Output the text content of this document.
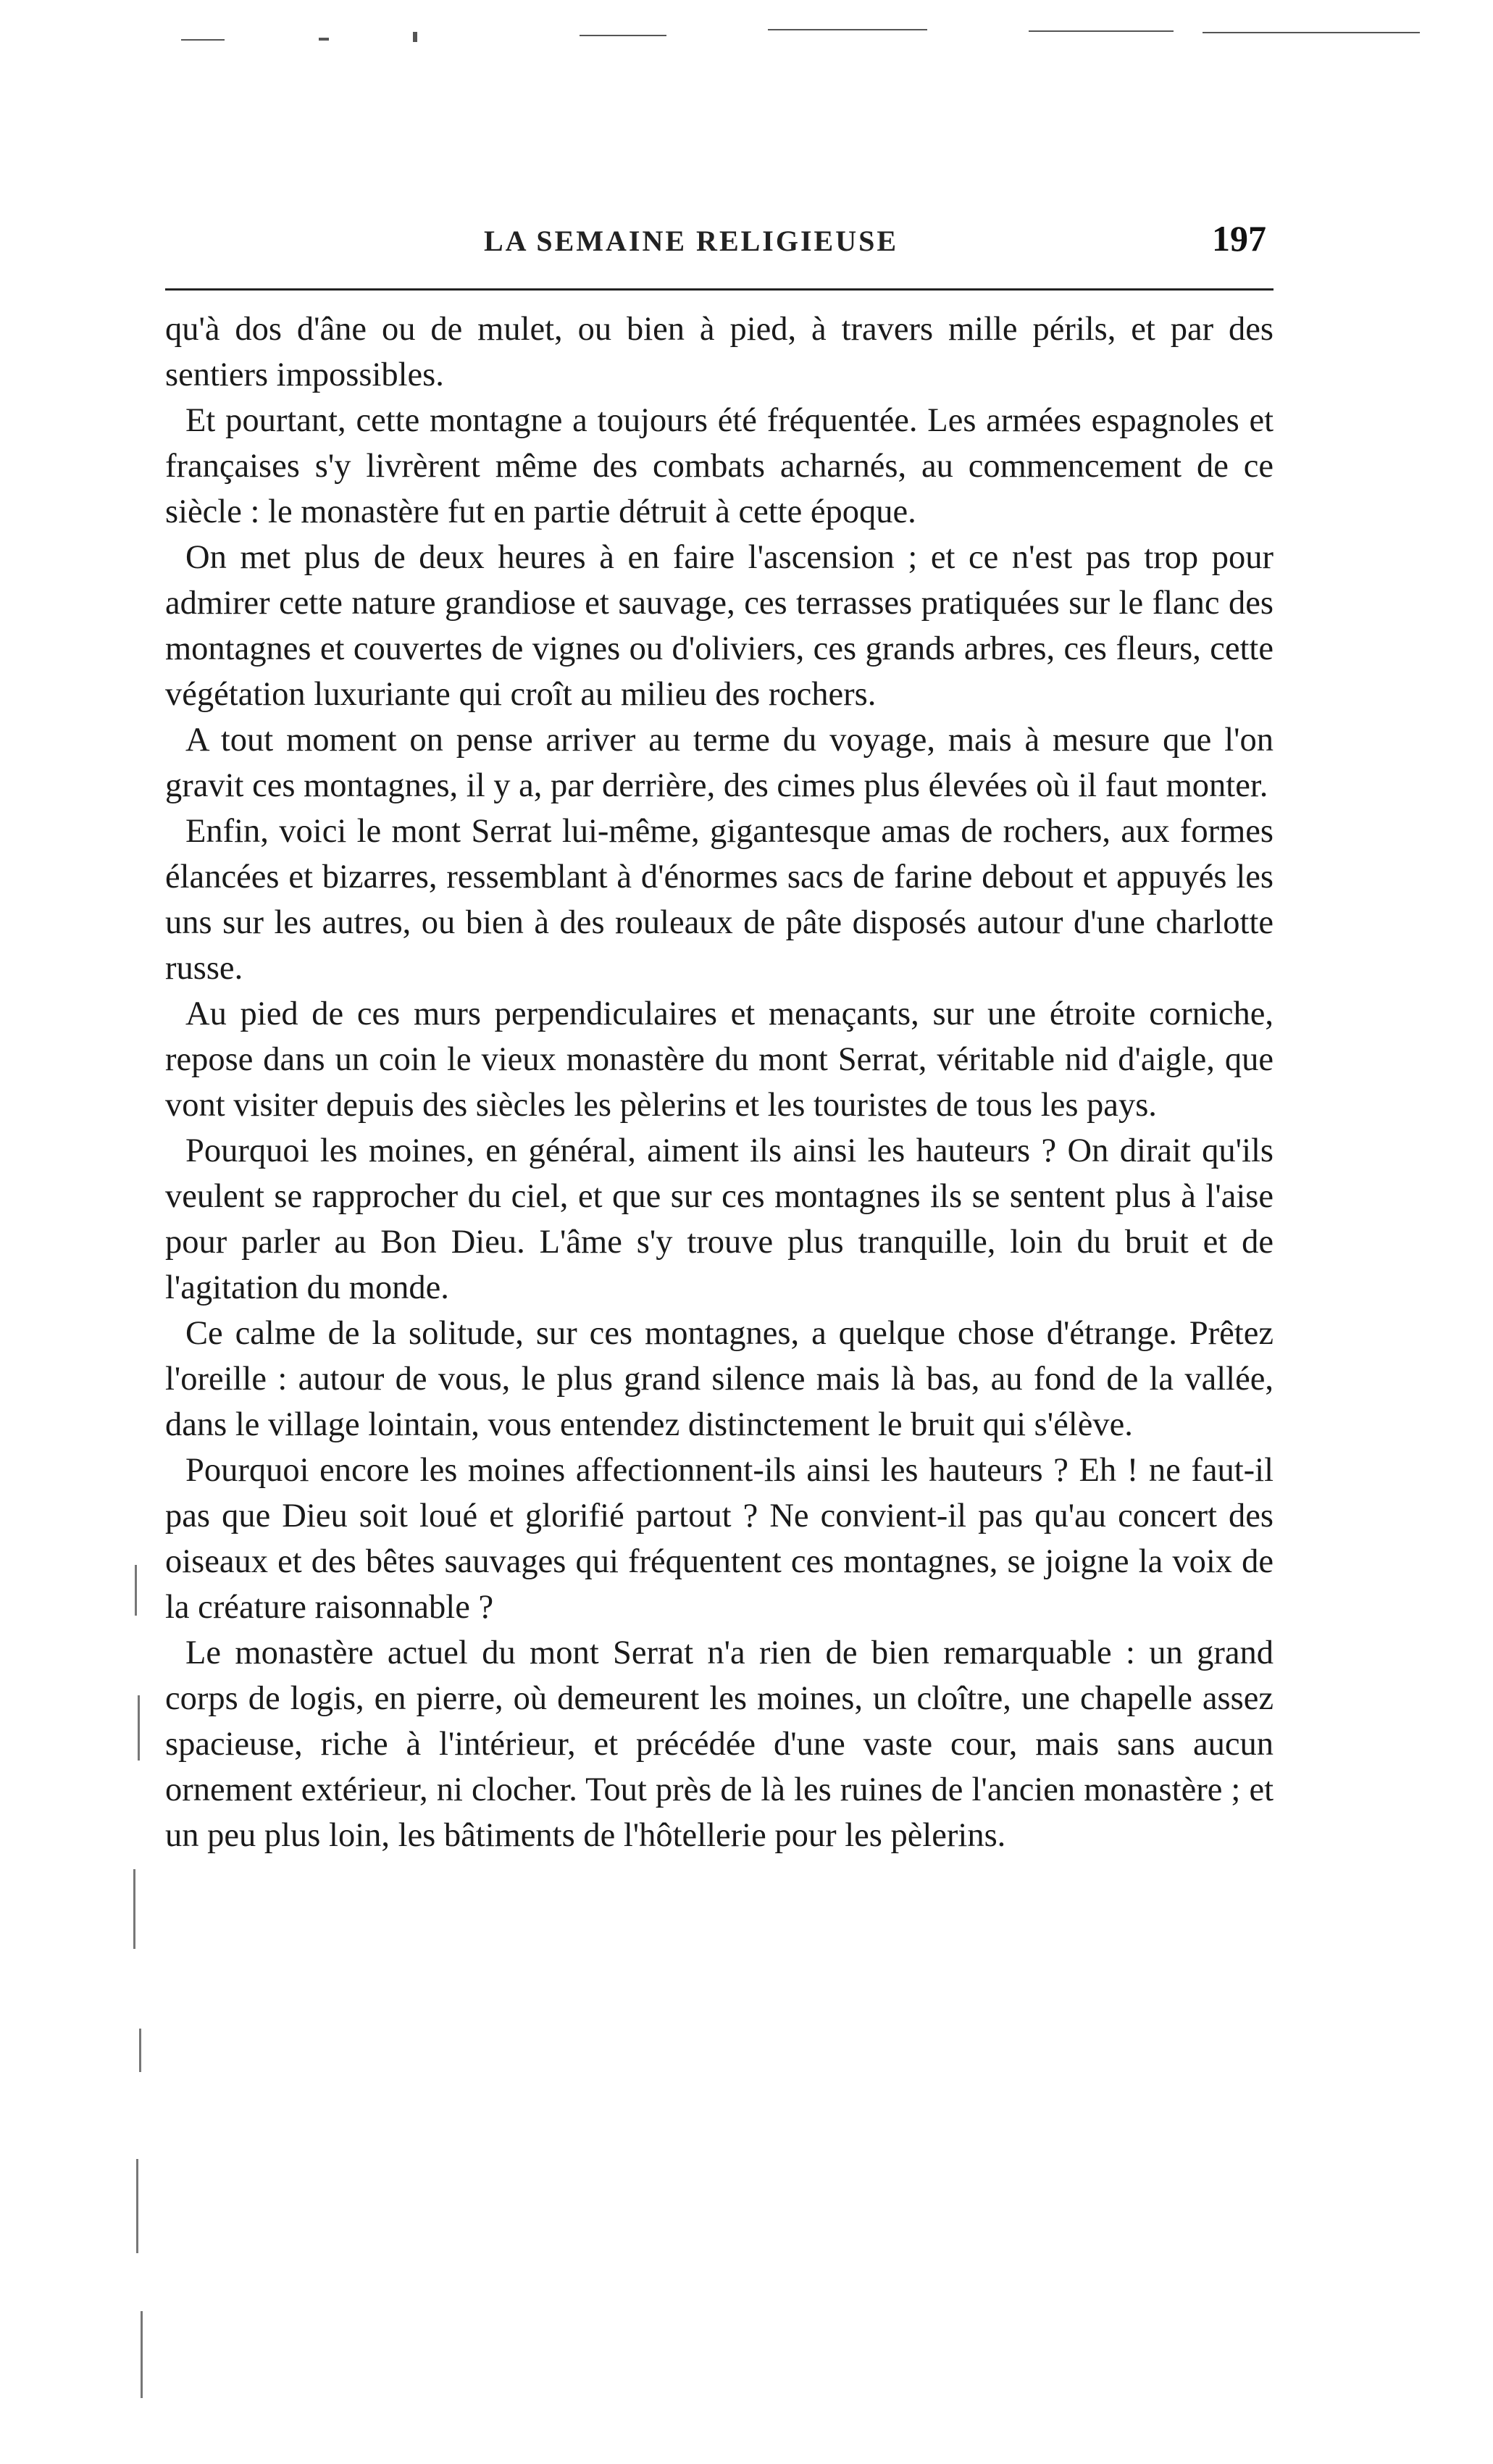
LA SEMAINE RELIGIEUSE	197

qu'à dos d'âne ou de mulet, ou bien à pied, à travers mille périls, et par des sentiers impossibles.

Et pourtant, cette montagne a toujours été fréquentée. Les armées espagnoles et françaises s'y livrèrent même des combats acharnés, au commencement de ce siècle : le monastère fut en partie détruit à cette époque.

On met plus de deux heures à en faire l'ascension ; et ce n'est pas trop pour admirer cette nature grandiose et sauvage, ces terrasses pratiquées sur le flanc des montagnes et couvertes de vignes ou d'oliviers, ces grands arbres, ces fleurs, cette végétation luxuriante qui croît au milieu des rochers.

A tout moment on pense arriver au terme du voyage, mais à mesure que l'on gravit ces montagnes, il y a, par derrière, des cimes plus élevées où il faut monter.

Enfin, voici le mont Serrat lui-même, gigantesque amas de rochers, aux formes élancées et bizarres, ressemblant à d'énormes sacs de farine debout et appuyés les uns sur les autres, ou bien à des rouleaux de pâte disposés autour d'une charlotte russe.

Au pied de ces murs perpendiculaires et menaçants, sur une étroite corniche, repose dans un coin le vieux monastère du mont Serrat, véritable nid d'aigle, que vont visiter depuis des siècles les pèlerins et les touristes de tous les pays.

Pourquoi les moines, en général, aiment ils ainsi les hauteurs ? On dirait qu'ils veulent se rapprocher du ciel, et que sur ces montagnes ils se sentent plus à l'aise pour parler au Bon Dieu. L'âme s'y trouve plus tranquille, loin du bruit et de l'agitation du monde.

Ce calme de la solitude, sur ces montagnes, a quelque chose d'étrange. Prêtez l'oreille : autour de vous, le plus grand silence mais là bas, au fond de la vallée, dans le village lointain, vous entendez distinctement le bruit qui s'élève.

Pourquoi encore les moines affectionnent-ils ainsi les hauteurs ? Eh ! ne faut-il pas que Dieu soit loué et glorifié partout ? Ne convient-il pas qu'au concert des oiseaux et des bêtes sauvages qui fréquentent ces montagnes, se joigne la voix de la créature raisonnable ?

Le monastère actuel du mont Serrat n'a rien de bien remarquable : un grand corps de logis, en pierre, où demeurent les moines, un cloître, une chapelle assez spacieuse, riche à l'intérieur, et précédée d'une vaste cour, mais sans aucun ornement extérieur, ni clocher. Tout près de là les ruines de l'ancien monastère ; et un peu plus loin, les bâtiments de l'hôtellerie pour les pèlerins.
